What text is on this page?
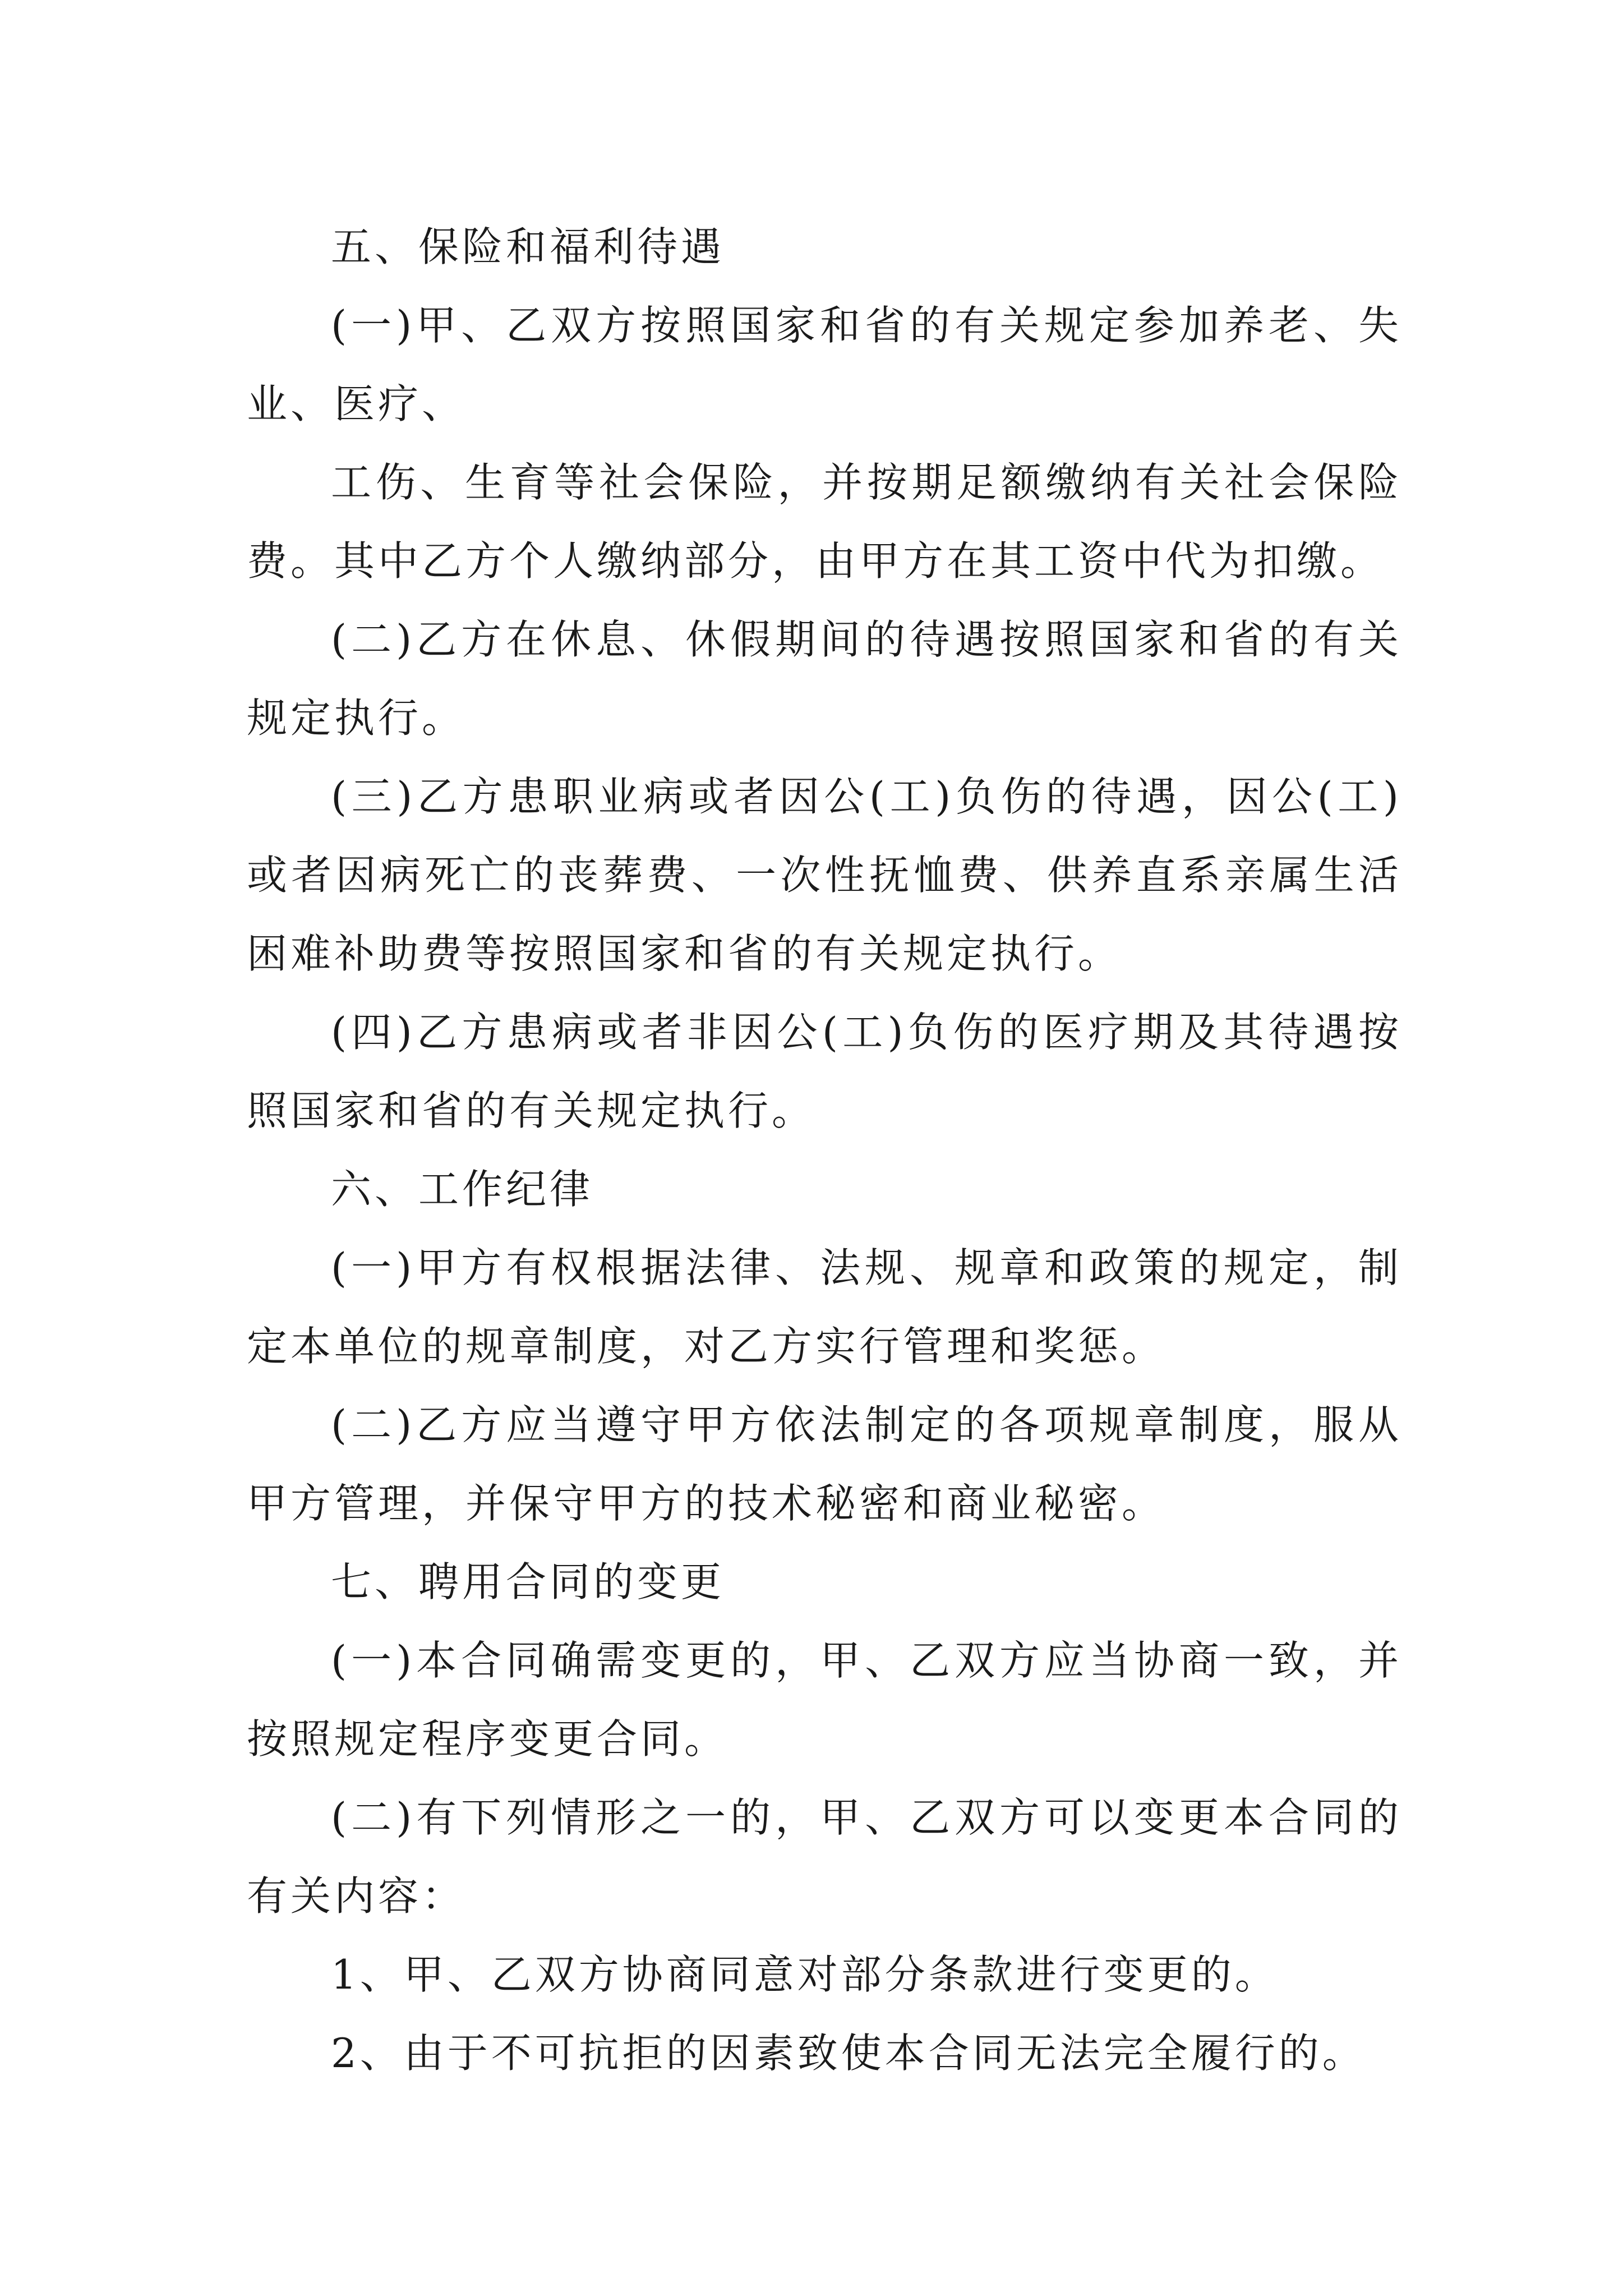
五、保险和福利待遇

(一)甲、乙双方按照国家和省的有关规定参加养老、失业、医疗、

工伤、生育等社会保险，并按期足额缴纳有关社会保险费。其中乙方个人缴纳部分，由甲方在其工资中代为扣缴。

(二)乙方在休息、休假期间的待遇按照国家和省的有关规定执行。

(三)乙方患职业病或者因公(工)负伤的待遇，因公(工)或者因病死亡的丧葬费、一次性抚恤费、供养直系亲属生活困难补助费等按照国家和省的有关规定执行。

(四)乙方患病或者非因公(工)负伤的医疗期及其待遇按照国家和省的有关规定执行。

六、工作纪律

(一)甲方有权根据法律、法规、规章和政策的规定，制定本单位的规章制度，对乙方实行管理和奖惩。

(二)乙方应当遵守甲方依法制定的各项规章制度，服从甲方管理，并保守甲方的技术秘密和商业秘密。

七、聘用合同的变更

(一)本合同确需变更的，甲、乙双方应当协商一致，并按照规定程序变更合同。

(二)有下列情形之一的，甲、乙双方可以变更本合同的有关内容：

1、甲、乙双方协商同意对部分条款进行变更的。

2、由于不可抗拒的因素致使本合同无法完全履行的。
